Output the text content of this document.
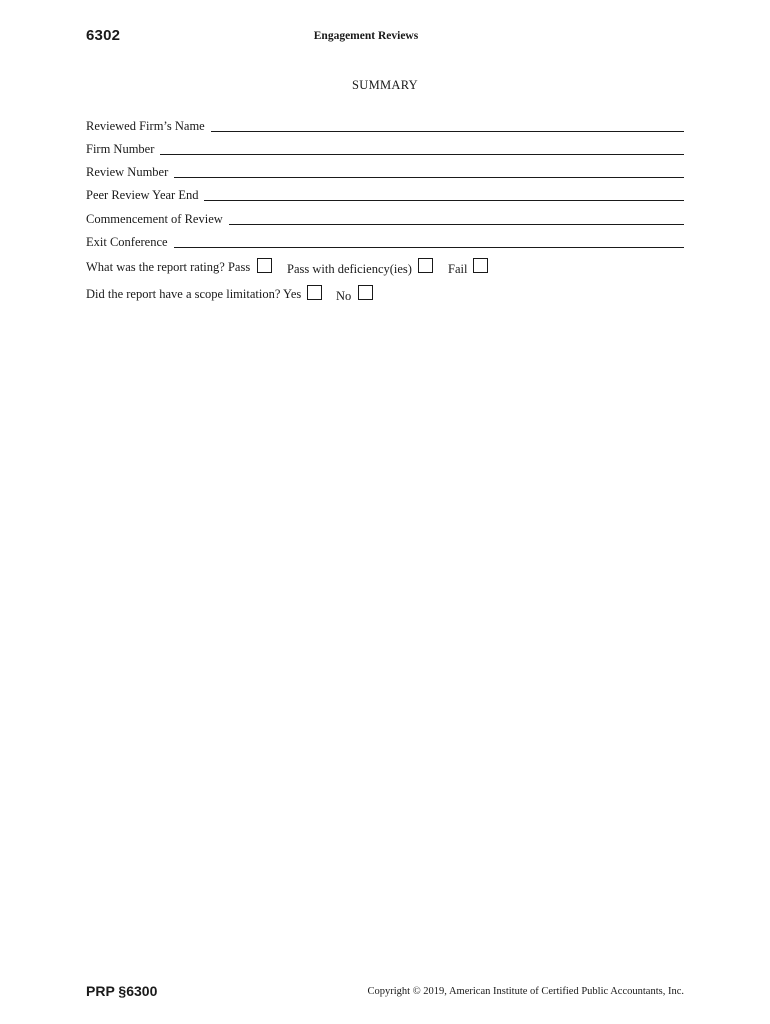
6302	Engagement Reviews
SUMMARY
Reviewed Firm’s Name
Firm Number
Review Number
Peer Review Year End
Commencement of Review
Exit Conference
What was the report rating? Pass	Pass with deficiency(ies)	Fail
Did the report have a scope limitation? Yes	No
PRP §6300	Copyright © 2019, American Institute of Certified Public Accountants, Inc.
